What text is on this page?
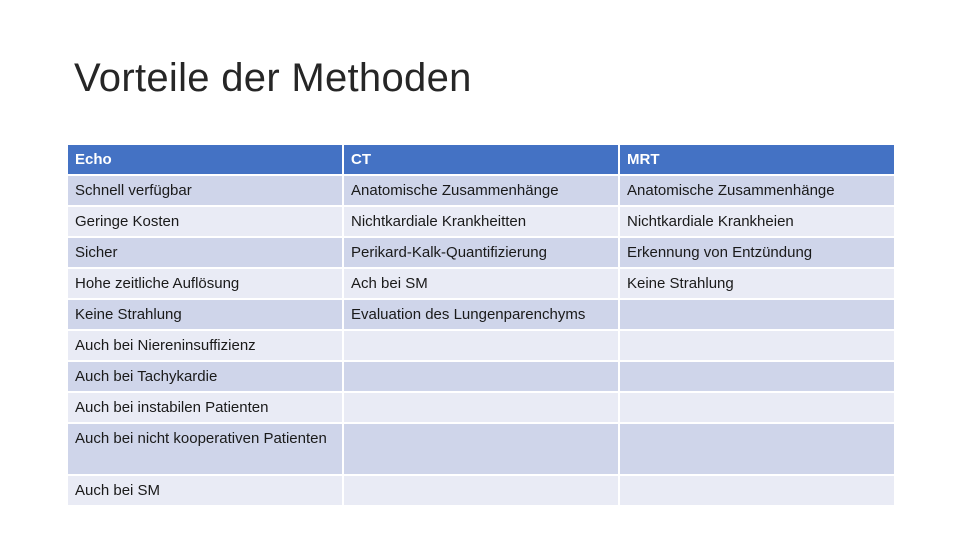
Vorteile der Methoden
Echo	CT	MRT
Schnell verfügbar	Anatomische Zusammenhänge	Anatomische Zusammenhänge
Geringe Kosten	Nichtkardiale Krankheitten	Nichtkardiale Krankheien
Sicher	Perikard-Kalk-Quantifizierung	Erkennung von Entzündung
Hohe zeitliche Auflösung	Ach bei SM	Keine Strahlung
Keine Strahlung	Evaluation des Lungenparenchyms	
Auch bei Niereninsuffizienz		
Auch bei Tachykardie		
Auch bei instabilen Patienten		
Auch bei nicht kooperativen Patienten		
Auch bei SM		
